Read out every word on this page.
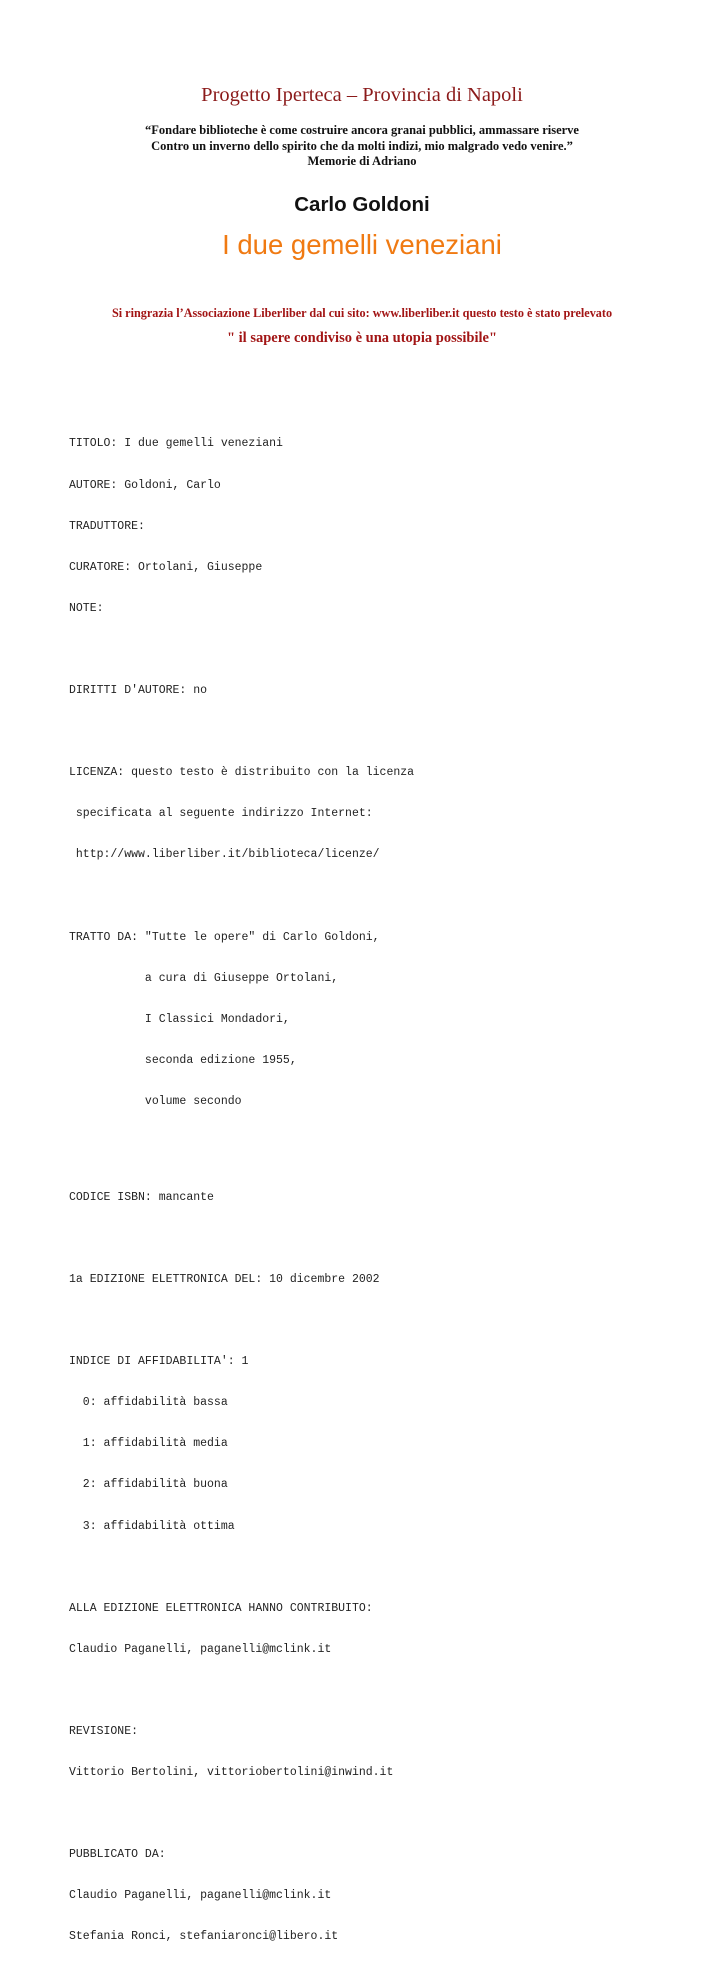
Progetto Iperteca – Provincia di Napoli
“Fondare biblioteche è come costruire ancora granai pubblici, ammassare riserve
Contro un inverno dello spirito che da molti indizi, mio malgrado vedo venire.”
Memorie di Adriano
Carlo Goldoni
I due gemelli veneziani
Si ringrazia l’Associazione Liberliber dal cui sito: www.liberliber.it questo testo è stato prelevato
" il sapere condiviso è una utopia possibile"

TITOLO: I due gemelli veneziani

AUTORE: Goldoni, Carlo

TRADUTTORE:

CURATORE: Ortolani, Giuseppe

NOTE:

DIRITTI D'AUTORE: no

LICENZA: questo testo è distribuito con la licenza

specificata al seguente indirizzo Internet:

http://www.liberliber.it/biblioteca/licenze/

TRATTO DA: "Tutte le opere" di Carlo Goldoni,

a cura di Giuseppe Ortolani,

I Classici Mondadori,

seconda edizione 1955,

volume secondo

CODICE ISBN: mancante

1a EDIZIONE ELETTRONICA DEL: 10 dicembre 2002

INDICE DI AFFIDABILITA': 1

0: affidabilità bassa

1: affidabilità media

2: affidabilità buona

3: affidabilità ottima

ALLA EDIZIONE ELETTRONICA HANNO CONTRIBUITO:

Claudio Paganelli, paganelli@mclink.it

REVISIONE:

Vittorio Bertolini, vittoriobertolini@inwind.it

PUBBLICATO DA:

Claudio Paganelli, paganelli@mclink.it

Stefania Ronci, stefaniaronci@libero.it
